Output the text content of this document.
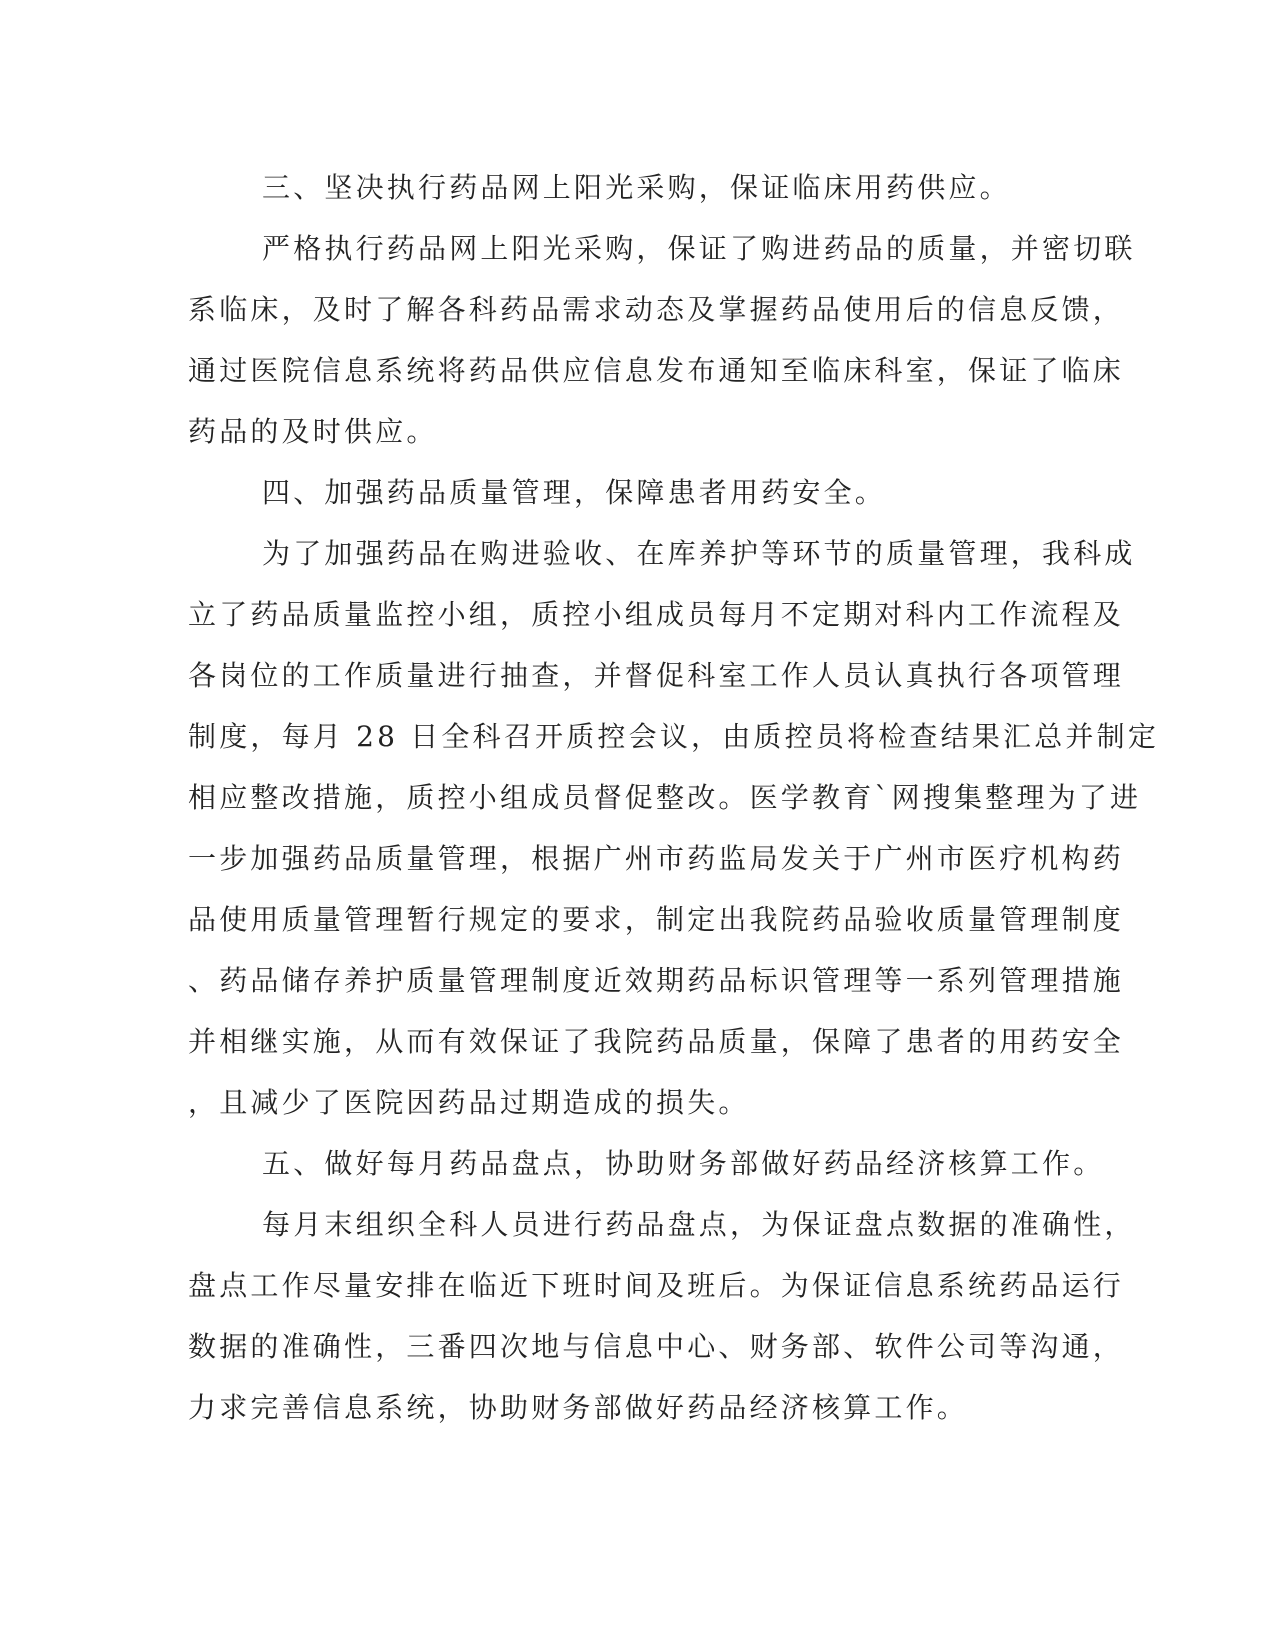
三、坚决执行药品网上阳光采购，保证临床用药供应。
严格执行药品网上阳光采购，保证了购进药品的质量，并密切联
系临床，及时了解各科药品需求动态及掌握药品使用后的信息反馈，
通过医院信息系统将药品供应信息发布通知至临床科室，保证了临床
药品的及时供应。
四、加强药品质量管理，保障患者用药安全。
为了加强药品在购进验收、在库养护等环节的质量管理，我科成
立了药品质量监控小组，质控小组成员每月不定期对科内工作流程及
各岗位的工作质量进行抽查，并督促科室工作人员认真执行各项管理
制度，每月 28 日全科召开质控会议，由质控员将检查结果汇总并制定
相应整改措施，质控小组成员督促整改。医学教育`网搜集整理为了进
一步加强药品质量管理，根据广州市药监局发关于广州市医疗机构药
品使用质量管理暂行规定的要求，制定出我院药品验收质量管理制度
、药品储存养护质量管理制度近效期药品标识管理等一系列管理措施
并相继实施，从而有效保证了我院药品质量，保障了患者的用药安全
，且减少了医院因药品过期造成的损失。
五、做好每月药品盘点，协助财务部做好药品经济核算工作。
每月末组织全科人员进行药品盘点，为保证盘点数据的准确性，
盘点工作尽量安排在临近下班时间及班后。为保证信息系统药品运行
数据的准确性，三番四次地与信息中心、财务部、软件公司等沟通，
力求完善信息系统，协助财务部做好药品经济核算工作。
